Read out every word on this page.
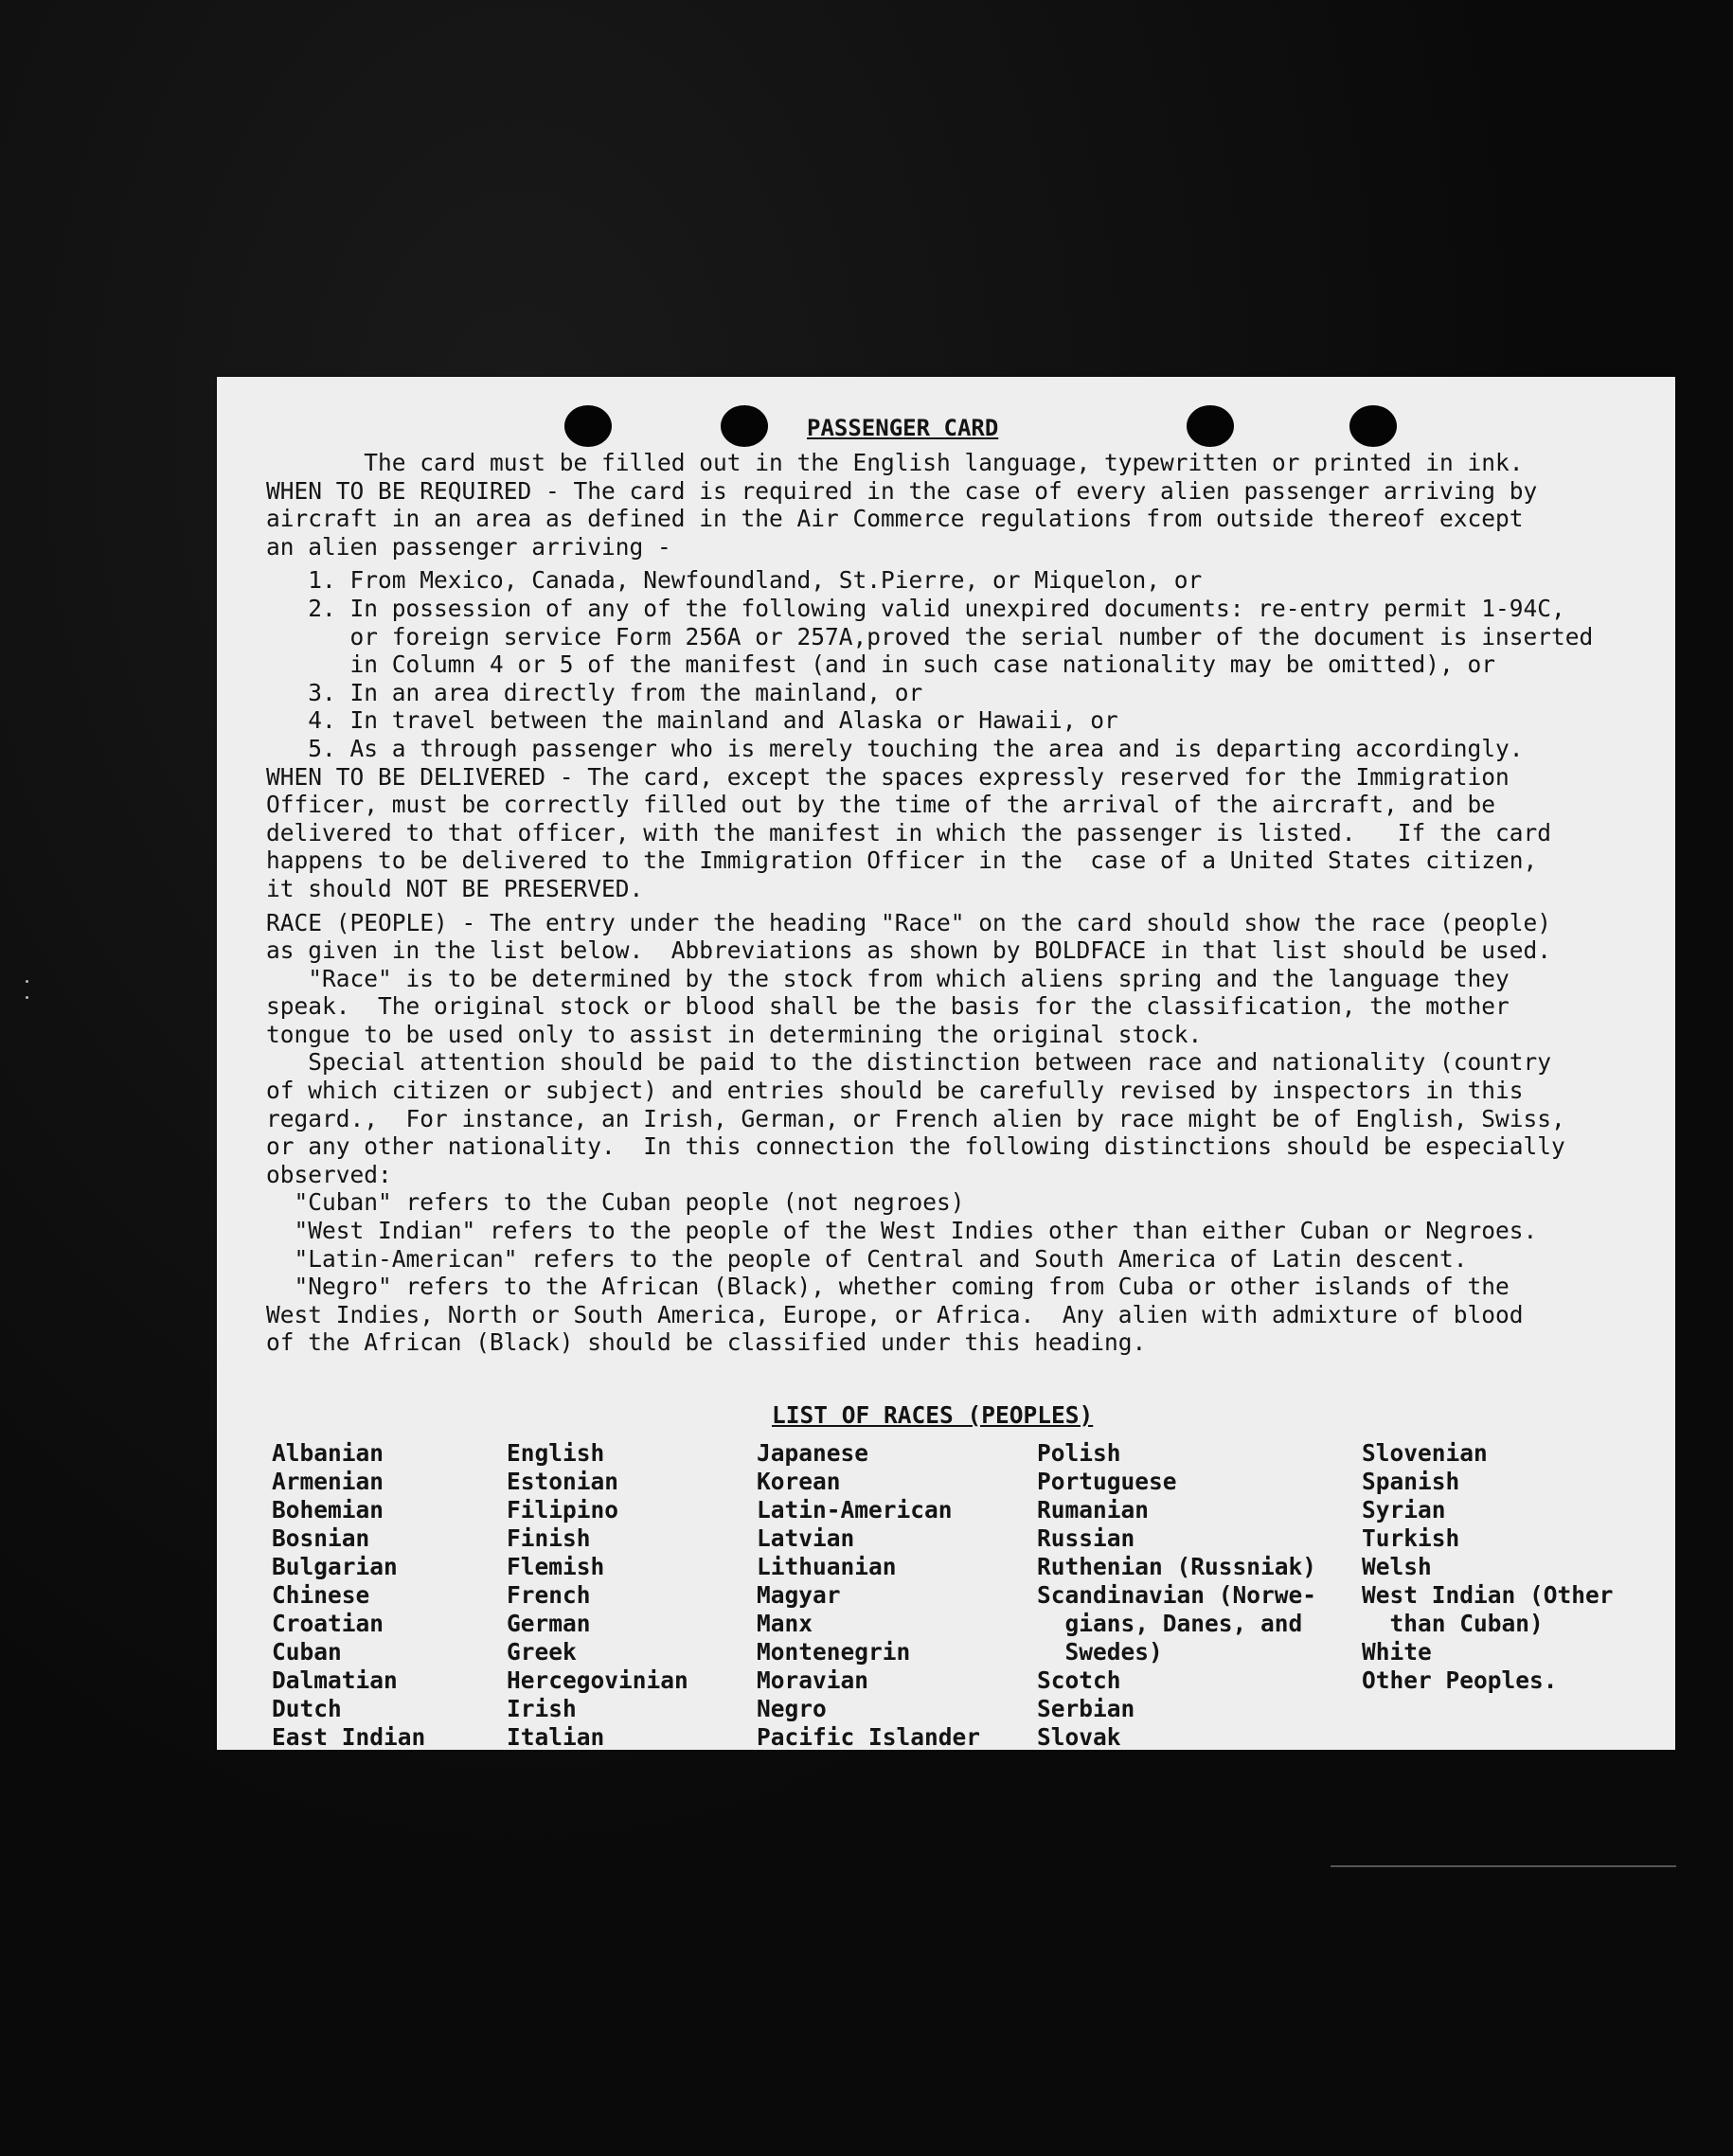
PASSENGER CARD
The card must be filled out in the English language, typewritten or printed in ink.
WHEN TO BE REQUIRED - The card is required in the case of every alien passenger arriving by
aircraft in an area as defined in the Air Commerce regulations from outside thereof except
an alien passenger arriving -
1. From Mexico, Canada, Newfoundland, St.Pierre, or Miquelon, or
2. In possession of any of the following valid unexpired documents: re-entry permit 1-94C,
or foreign service Form 256A or 257A,proved the serial number of the document is inserted
in Column 4 or 5 of the manifest (and in such case nationality may be omitted), or
3. In an area directly from the mainland, or
4. In travel between the mainland and Alaska or Hawaii, or
5. As a through passenger who is merely touching the area and is departing accordingly.
WHEN TO BE DELIVERED - The card, except the spaces expressly reserved for the Immigration
Officer, must be correctly filled out by the time of the arrival of the aircraft, and be
delivered to that officer, with the manifest in which the passenger is listed.   If the card
happens to be delivered to the Immigration Officer in the  case of a United States citizen,
it should NOT BE PRESERVED.
RACE (PEOPLE) - The entry under the heading "Race" on the card should show the race (people)
as given in the list below.  Abbreviations as shown by BOLDFACE in that list should be used.
"Race" is to be determined by the stock from which aliens spring and the language they
speak.  The original stock or blood shall be the basis for the classification, the mother
tongue to be used only to assist in determining the original stock.
Special attention should be paid to the distinction between race and nationality (country
of which citizen or subject) and entries should be carefully revised by inspectors in this
regard.,  For instance, an Irish, German, or French alien by race might be of English, Swiss,
or any other nationality.  In this connection the following distinctions should be especially
observed:
"Cuban" refers to the Cuban people (not negroes)
"West Indian" refers to the people of the West Indies other than either Cuban or Negroes.
"Latin-American" refers to the people of Central and South America of Latin descent.
"Negro" refers to the African (Black), whether coming from Cuba or other islands of the
West Indies, North or South America, Europe, or Africa.  Any alien with admixture of blood
of the African (Black) should be classified under this heading.
LIST OF RACES (PEOPLES)
Albanian
Armenian
Bohemian
Bosnian
Bulgarian
Chinese
Croatian
Cuban
Dalmatian
Dutch
East Indian
English
Estonian
Filipino
Finish
Flemish
French
German
Greek
Hercegovinian
Irish
Italian
Japanese
Korean
Latin-American
Latvian
Lithuanian
Magyar
Manx
Montenegrin
Moravian
Negro
Pacific Islander
Polish
Portuguese
Rumanian
Russian
Ruthenian (Russniak)
Scandinavian (Norwe-
gians, Danes, and
Swedes)
Scotch
Serbian
Slovak
Slovenian
Spanish
Syrian
Turkish
Welsh
West Indian (Other
than Cuban)
White
Other Peoples.
